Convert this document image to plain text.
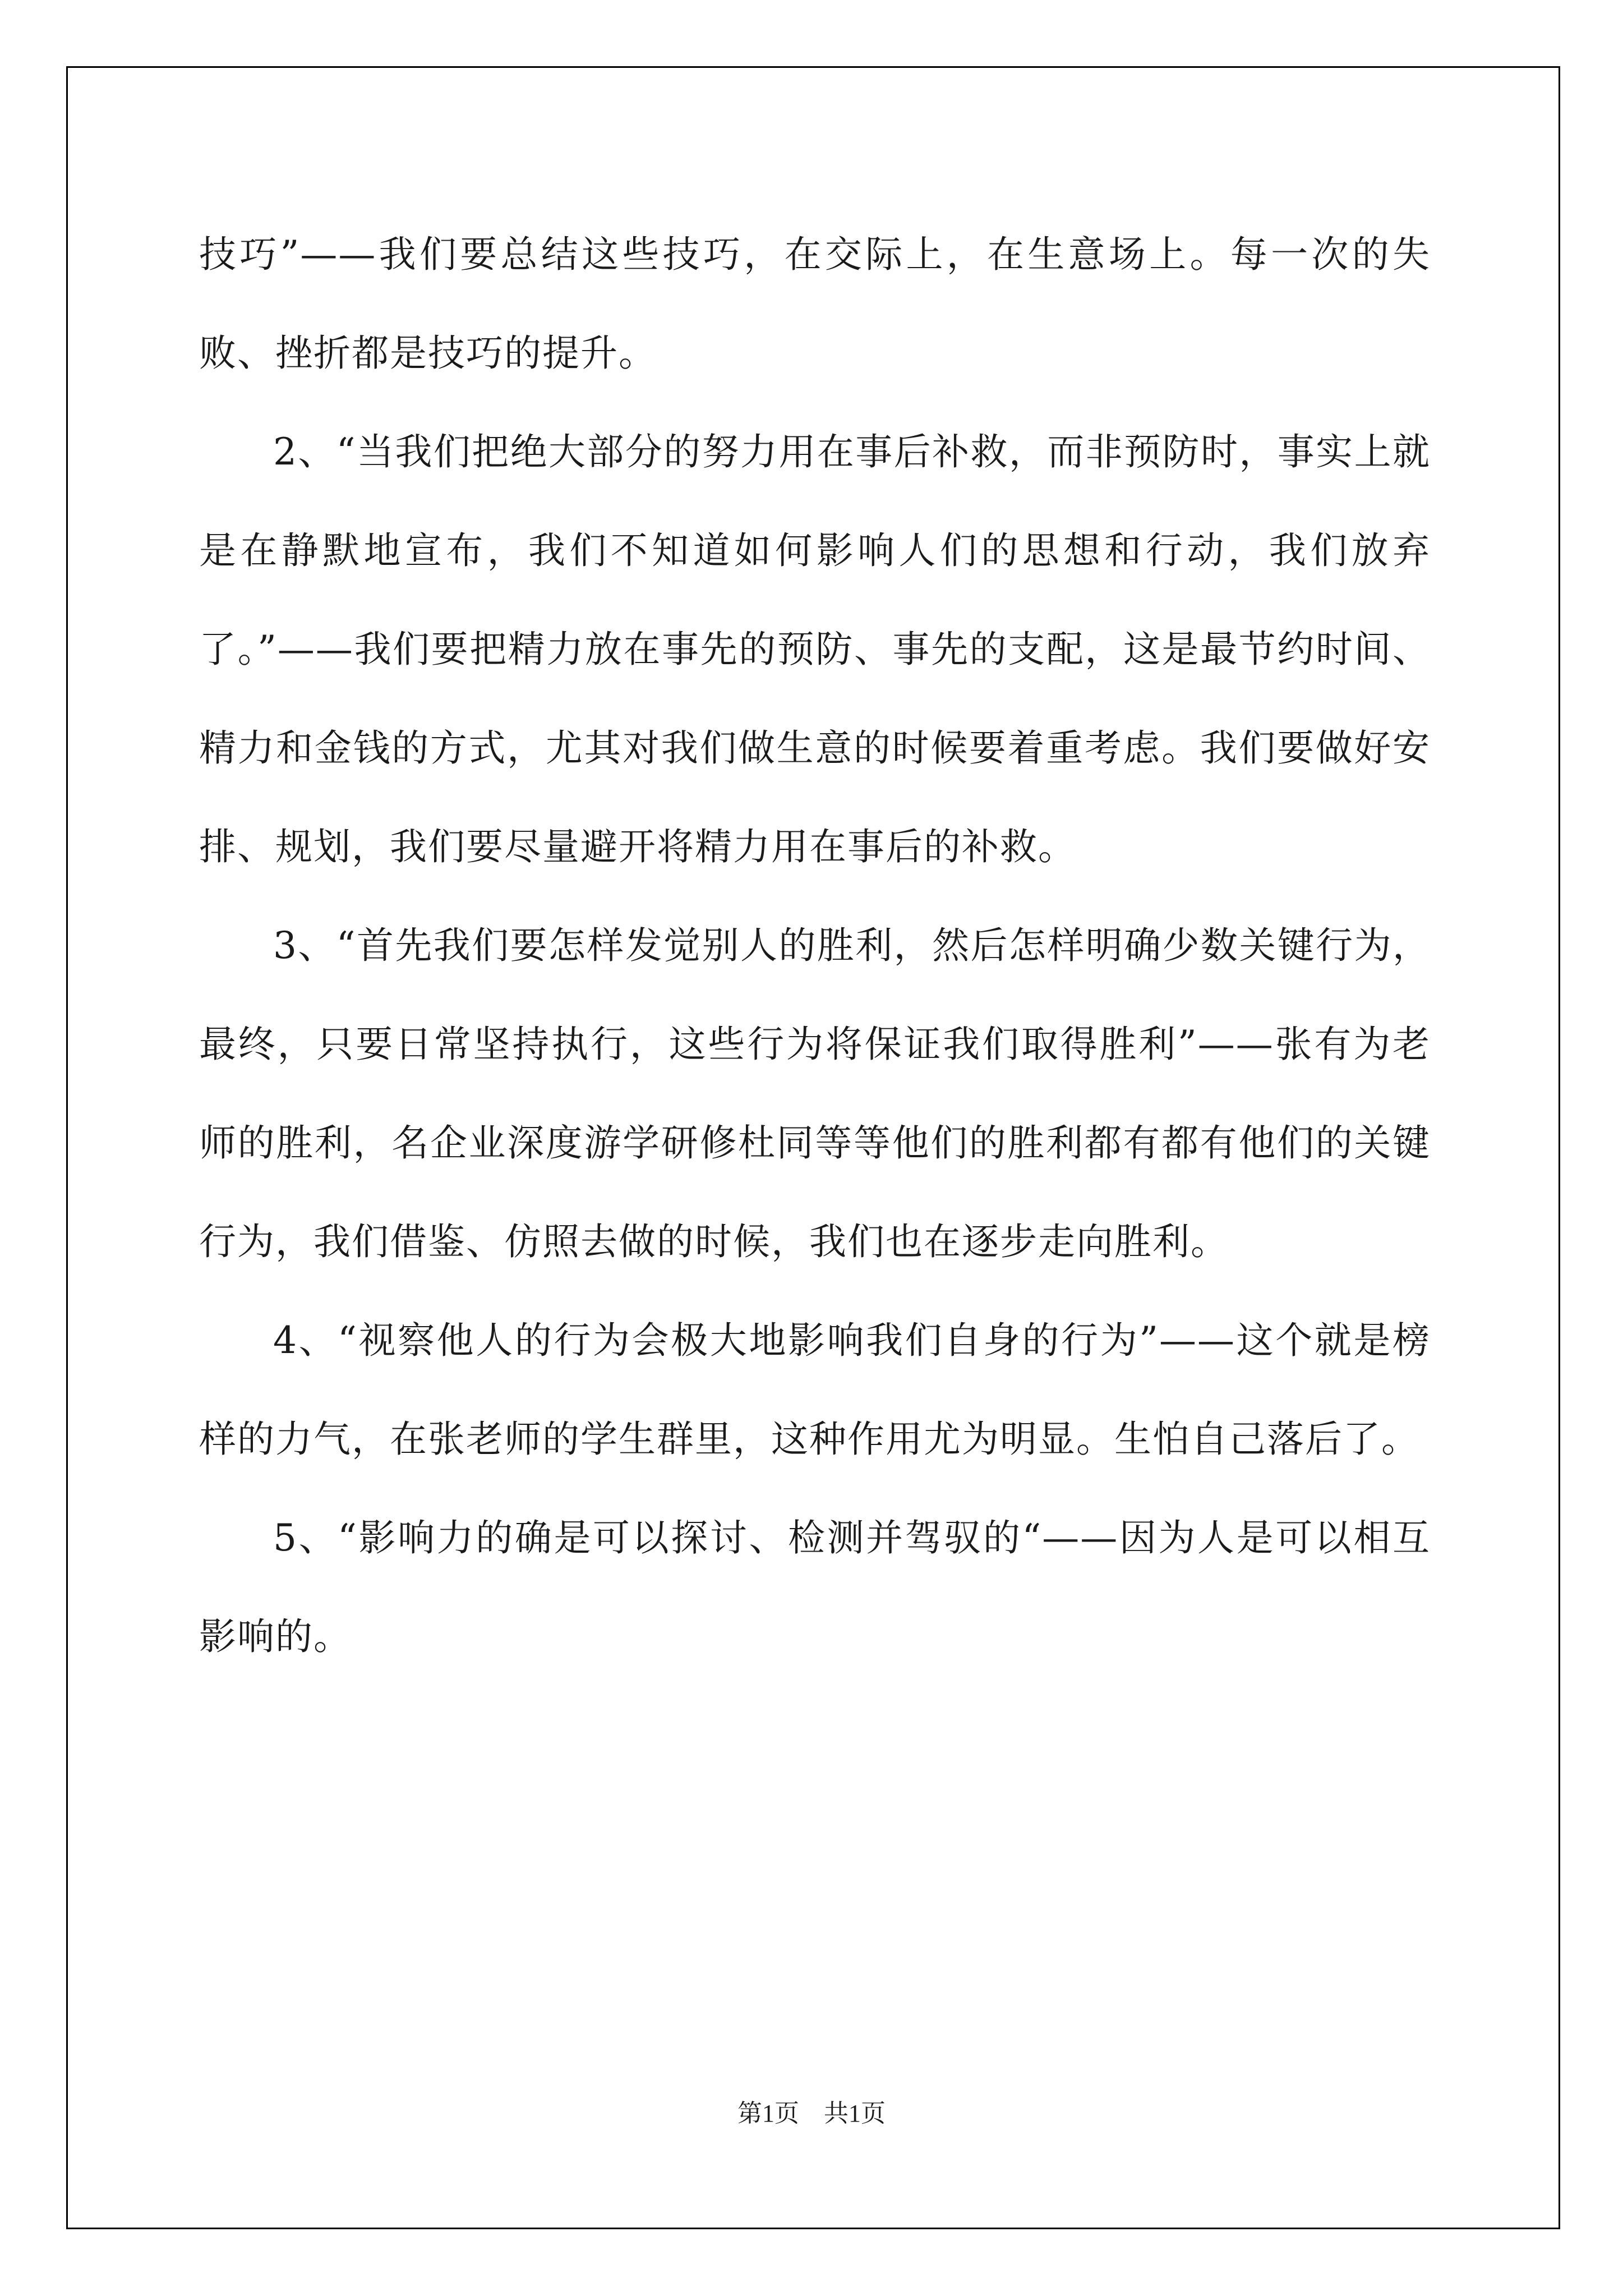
技巧”——我们要总结这些技巧，在交际上，在生意场上。每一次的失败、挫折都是技巧的提升。

2、“当我们把绝大部分的努力用在事后补救，而非预防时，事实上就是在静默地宣布，我们不知道如何影响人们的思想和行动，我们放弃了。”——我们要把精力放在事先的预防、事先的支配，这是最节约时间、精力和金钱的方式，尤其对我们做生意的时候要着重考虑。我们要做好安排、规划，我们要尽量避开将精力用在事后的补救。

3、“首先我们要怎样发觉别人的胜利，然后怎样明确少数关键行为，最终，只要日常坚持执行，这些行为将保证我们取得胜利”——张有为老师的胜利，名企业深度游学研修杜同等等他们的胜利都有都有他们的关键行为，我们借鉴、仿照去做的时候，我们也在逐步走向胜利。

4、“视察他人的行为会极大地影响我们自身的行为”——这个就是榜样的力气，在张老师的学生群里，这种作用尤为明显。生怕自己落后了。

5、“影响力的确是可以探讨、检测并驾驭的“——因为人是可以相互影响的。

第1页　共1页
